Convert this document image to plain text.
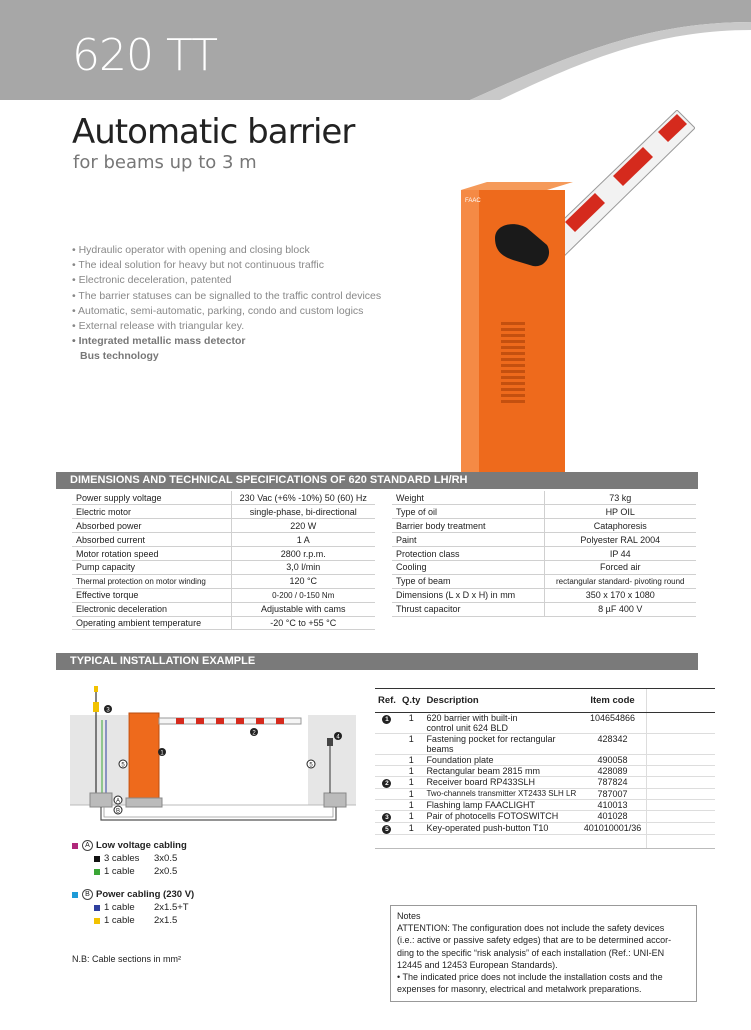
620 TT
Automatic barrier
for beams up to 3 m
• Hydraulic operator with opening and closing block
• The ideal solution for heavy but not continuous traffic
• Electronic deceleration, patented
• The barrier statuses can be signalled to the traffic control devices
• Automatic, semi-automatic, parking, condo and custom logics
• External release with triangular key.
• Integrated metallic mass detector
Bus technology
FAAC
DIMENSIONS AND TECHNICAL SPECIFICATIONS OF 620 STANDARD LH/RH
Power supply voltage	230 Vac (+6% -10%) 50 (60) Hz
Electric motor	single-phase, bi-directional
Absorbed power	220 W
Absorbed current	1 A
Motor rotation speed	2800 r.p.m.
Pump capacity	3,0 l/min
Thermal protection on motor winding	120 °C
Effective torque	0-200 / 0-150 Nm
Electronic deceleration	Adjustable with cams
Operating ambient temperature	-20 °C to +55 °C
Weight	73 kg
Type of oil	HP OIL
Barrier body treatment	Cataphoresis
Paint	Polyester RAL 2004
Protection class	IP 44
Cooling	Forced air
Type of beam	rectangular standard- pivoting round
Dimensions (L x D x H) in mm	350 x 170 x 1080
Thrust capacitor	8 µF 400 V
TYPICAL INSTALLATION EXAMPLE
3
1
2
4
5	5
A
B
A Low voltage cabling
3 cables	3x0.5
1 cable	2x0.5
B Power cabling (230 V)
1 cable	2x1.5+T
1 cable	2x1.5
N.B: Cable sections in mm²
Ref.	Q.ty	Description	Item code	
1	1	620 barrier with built-in
control unit 624 BLD	104654866	
	1	Fastening pocket for rectangular
beams	428342	
	1	Foundation plate	490058	
	1	Rectangular beam 2815 mm	428089	
2	1	Receiver board RP433SLH	787824	
	1	Two-channels transmitter XT2433 SLH LR	787007	
	1	Flashing lamp FAACLIGHT	410013	
3	1	Pair of photocells FOTOSWITCH	401028	
5	1	Key-operated push-button T10	401010001/36	

Notes
ATTENTION: The configuration does not include the safety devices
(i.e.: active or passive safety edges) that are to be determined accor-
ding to the specific “risk analysis” of each installation (Ref.: UNI-EN
12445 and 12453 European Standards).
• The indicated price does not include the installation costs and the
expenses for masonry, electrical and metalwork preparations.
